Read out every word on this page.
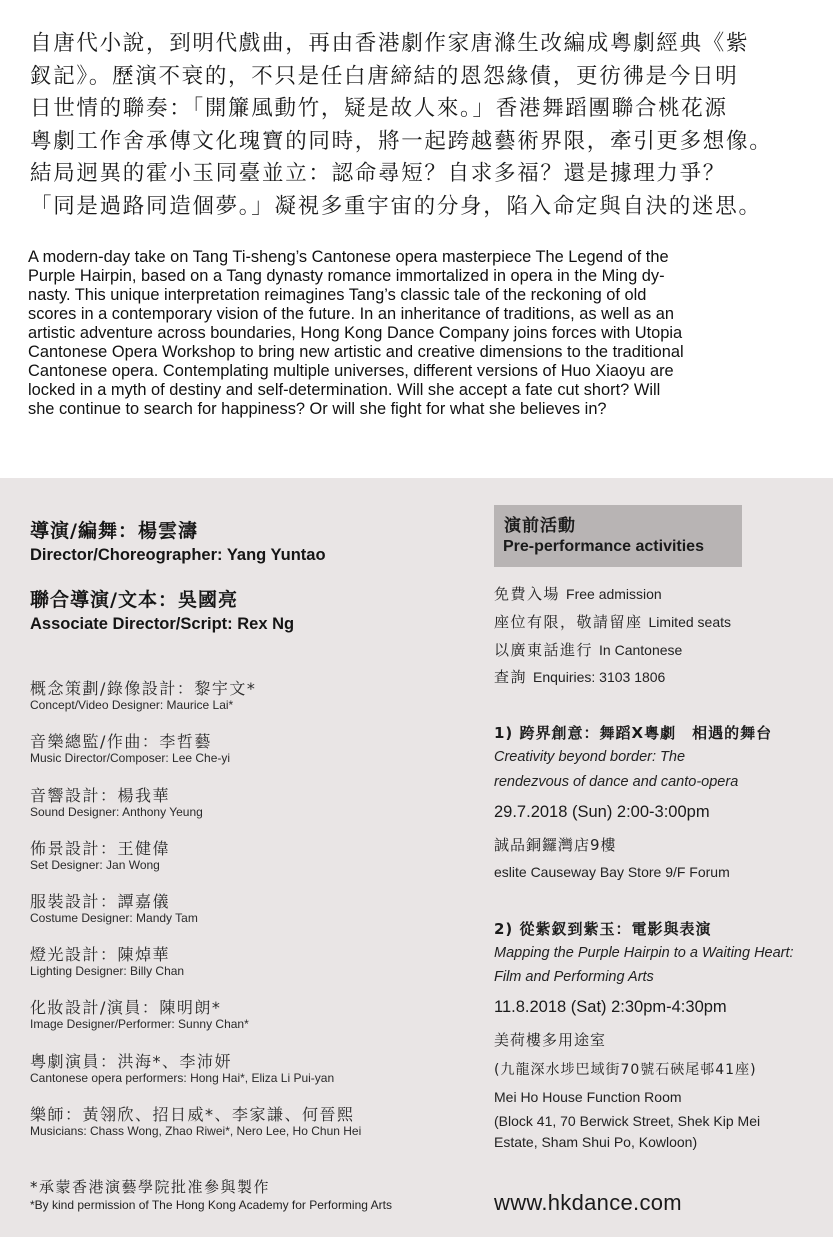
自唐代小說，到明代戲曲，再由香港劇作家唐滌生改編成粵劇經典《紫
釵記》。歷演不衰的，不只是任白唐締結的恩怨緣債，更彷彿是今日明
日世情的聯奏：「開簾風動竹，疑是故人來。」香港舞蹈團聯合桃花源
粵劇工作舍承傳文化瑰寶的同時，將一起跨越藝術界限，牽引更多想像。
結局迥異的霍小玉同臺並立：認命尋短？自求多福？還是據理力爭？
「同是過路同造個夢。」凝視多重宇宙的分身，陷入命定與自決的迷思。
A modern-day take on Tang Ti-sheng’s Cantonese opera masterpiece The Legend of the
Purple Hairpin, based on a Tang dynasty romance immortalized in opera in the Ming dy-
nasty. This unique interpretation reimagines Tang’s classic tale of the reckoning of old
scores in a contemporary vision of the future. In an inheritance of traditions, as well as an
artistic adventure across boundaries, Hong Kong Dance Company joins forces with Utopia
Cantonese Opera Workshop to bring new artistic and creative dimensions to the traditional
Cantonese opera. Contemplating multiple universes, different versions of Huo Xiaoyu are
locked in a myth of destiny and self-determination. Will she accept a fate cut short? Will
she continue to search for happiness? Or will she fight for what she believes in?
導演/編舞：楊雲濤
Director/Choreographer: Yang Yuntao
聯合導演/文本：吳國亮
Associate Director/Script: Rex Ng
概念策劃/錄像設計：黎宇文*
Concept/Video Designer: Maurice Lai*
音樂總監/作曲：李哲藝
Music Director/Composer: Lee Che-yi
音響設計：楊我華
Sound Designer: Anthony Yeung
佈景設計：王健偉
Set Designer: Jan Wong
服裝設計：譚嘉儀
Costume Designer: Mandy Tam
燈光設計：陳焯華
Lighting Designer: Billy Chan
化妝設計/演員：陳明朗*
Image Designer/Performer: Sunny Chan*
粵劇演員：洪海*、李沛妍
Cantonese opera performers: Hong Hai*, Eliza Li Pui-yan
樂師：黃翎欣、招日威*、李家謙、何晉熙
Musicians: Chass Wong, Zhao Riwei*, Nero Lee, Ho Chun Hei
*承蒙香港演藝學院批准參與製作
*By kind permission of The Hong Kong Academy for Performing Arts
演前活動
Pre-performance activities
免費入場 Free admission
座位有限，敬請留座 Limited seats
以廣東話進行 In Cantonese
查詢 Enquiries: 3103 1806
1) 跨界創意：舞蹈X粵劇　相遇的舞台
Creativity beyond border: The
rendezvous of dance and canto-opera
29.7.2018 (Sun) 2:00-3:00pm
誠品銅鑼灣店9樓
eslite Causeway Bay Store 9/F Forum
2) 從紫釵到紫玉：電影與表演
Mapping the Purple Hairpin to a Waiting Heart:
Film and Performing Arts
11.8.2018 (Sat) 2:30pm-4:30pm
美荷樓多用途室
(九龍深水埗巴域街70號石硤尾邨41座)
Mei Ho House Function Room
(Block 41, 70 Berwick Street, Shek Kip Mei
Estate, Sham Shui Po, Kowloon)
www.hkdance.com
